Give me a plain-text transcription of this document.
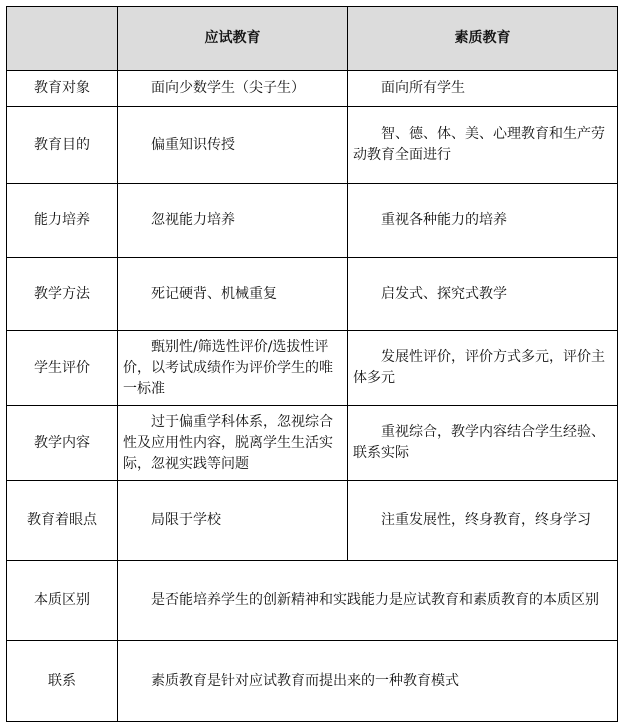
	应试教育	素质教育
教育对象	面向少数学生（尖子生）	面向所有学生
教育目的	偏重知识传授	智、德、体、美、心理教育和生产劳动教育全面进行
能力培养	忽视能力培养	重视各种能力的培养
教学方法	死记硬背、机械重复	启发式、探究式教学
学生评价	甄别性/筛选性评价/选拔性评价，以考试成绩作为评价学生的唯一标准	发展性评价，评价方式多元，评价主体多元
教学内容	过于偏重学科体系，忽视综合性及应用性内容，脱离学生生活实际，忽视实践等问题	重视综合，教学内容结合学生经验、联系实际
教育着眼点	局限于学校	注重发展性，终身教育，终身学习
本质区别	是否能培养学生的创新精神和实践能力是应试教育和素质教育的本质区别	
联系	素质教育是针对应试教育而提出来的一种教育模式	
